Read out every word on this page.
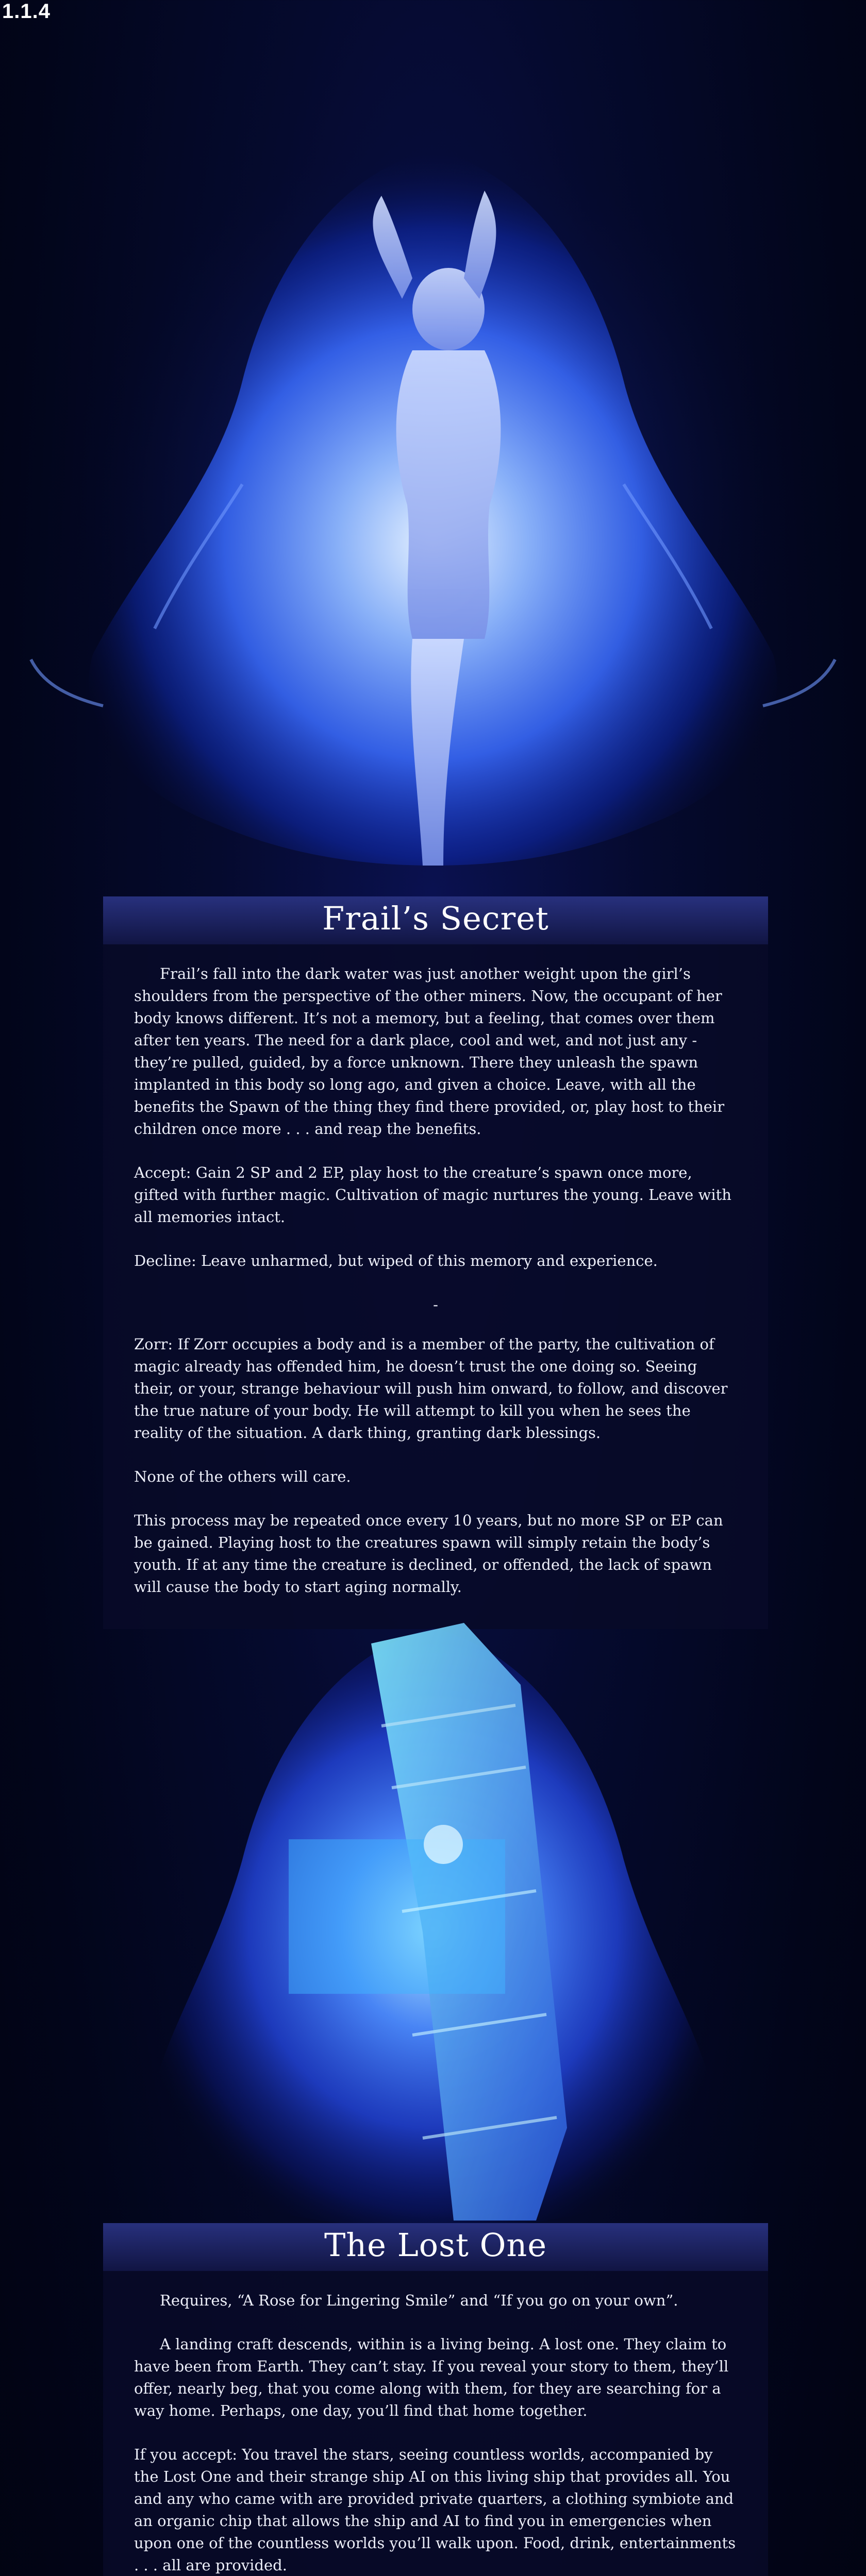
1.1.4
Frail’s Secret

Frail’s fall into the dark water was just another weight upon the girl’s shoulders from the perspective of the other miners. Now, the occupant of her body knows different. It’s not a memory, but a feeling, that comes over them after ten years. The need for a dark place, cool and wet, and not just any - they’re pulled, guided, by a force unknown. There they unleash the spawn implanted in this body so long ago, and given a choice. Leave, with all the benefits the Spawn of the thing they find there provided, or, play host to their children once more . . . and reap the benefits.

Accept: Gain 2 SP and 2 EP, play host to the creature’s spawn once more, gifted with further magic. Cultivation of magic nurtures the young. Leave with all memories intact.

Decline: Leave unharmed, but wiped of this memory and experience.

-

Zorr: If Zorr occupies a body and is a member of the party, the cultivation of magic already has offended him, he doesn’t trust the one doing so. Seeing their, or your, strange behaviour will push him onward, to follow, and discover the true nature of your body. He will attempt to kill you when he sees the reality of the situation. A dark thing, granting dark blessings.

None of the others will care.

This process may be repeated once every 10 years, but no more SP or EP can be gained. Playing host to the creatures spawn will simply retain the body’s youth. If at any time the creature is declined, or offended, the lack of spawn will cause the body to start aging normally.

The Lost One

Requires, “A Rose for Lingering Smile” and “If you go on your own”.

A landing craft descends, within is a living being. A lost one. They claim to have been from Earth. They can’t stay. If you reveal your story to them, they’ll offer, nearly beg, that you come along with them, for they are searching for a way home. Perhaps, one day, you’ll find that home together.

If you accept: You travel the stars, seeing countless worlds, accompanied by the Lost One and their strange ship AI on this living ship that provides all. You and any who came with are provided private quarters, a clothing symbiote and an organic chip that allows the ship and AI to find you in emergencies when upon one of the countless worlds you’ll walk upon. Food, drink, entertainments . . . all are provided.
